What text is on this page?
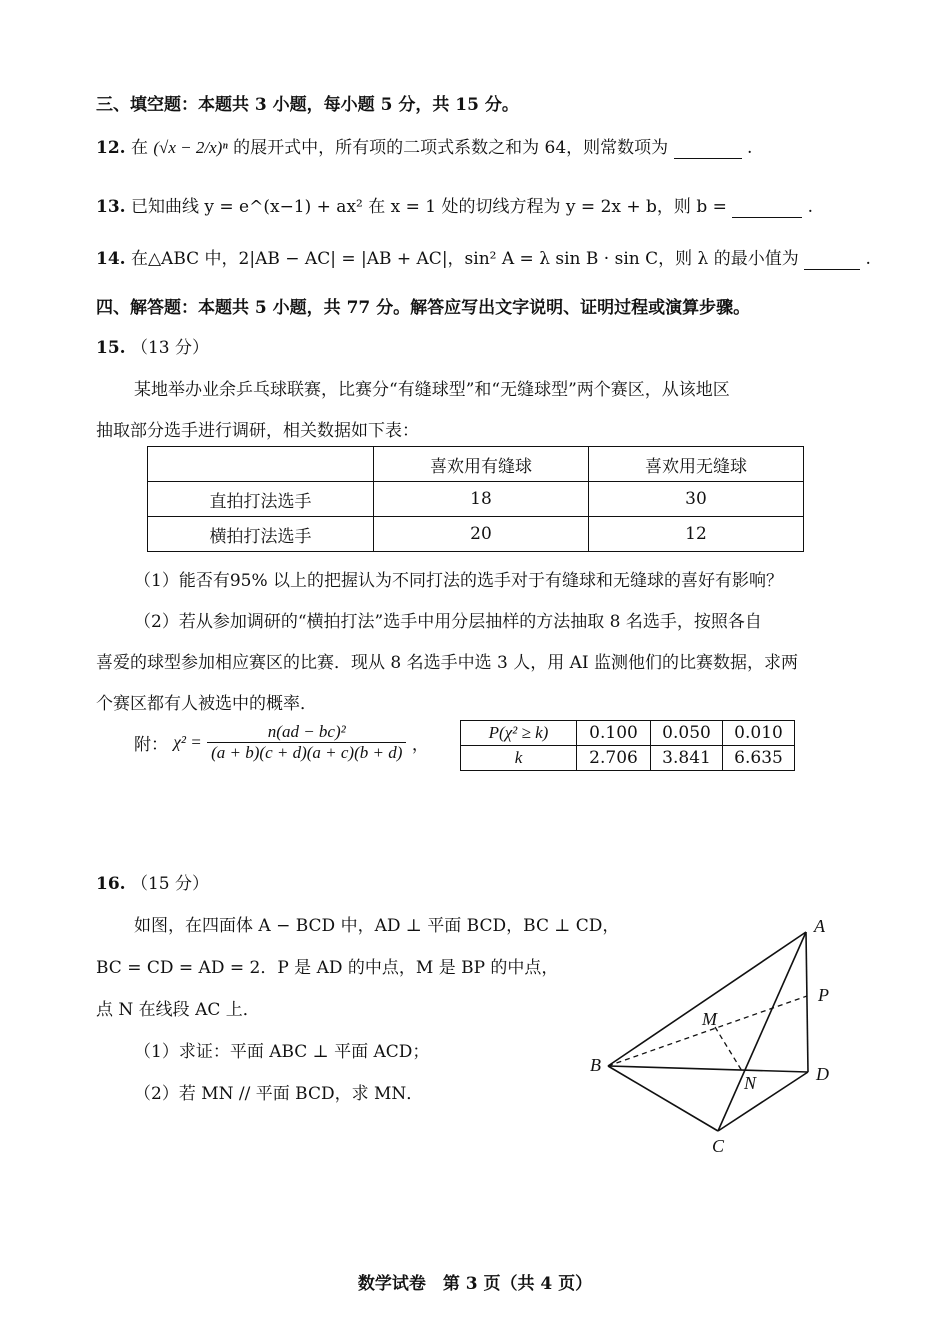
三、填空题：本题共 3 小题，每小题 5 分，共 15 分。
12. 在 (√x − 2/x)ⁿ 的展开式中，所有项的二项式系数之和为 64，则常数项为	.
13. 已知曲线 y = e^(x−1) + ax² 在 x = 1 处的切线方程为 y = 2x + b，则 b =	.
14. 在△ABC 中，2|AB − AC| = |AB + AC|，sin² A = λ sin B · sin C，则 λ 的最小值为	.
四、解答题：本题共 5 小题，共 77 分。解答应写出文字说明、证明过程或演算步骤。
15. （13 分）
某地举办业余乒乓球联赛，比赛分“有缝球型”和“无缝球型”两个赛区，从该地区
抽取部分选手进行调研，相关数据如下表：
	喜欢用有缝球	喜欢用无缝球
直拍打法选手	18	30
横拍打法选手	20	12
（1）能否有95% 以上的把握认为不同打法的选手对于有缝球和无缝球的喜好有影响？
（2）若从参加调研的“横拍打法”选手中用分层抽样的方法抽取 8 名选手，按照各自
喜爱的球型参加相应赛区的比赛．现从 8 名选手中选 3 人，用 AI 监测他们的比赛数据，求两
个赛区都有人被选中的概率．
附： $\chi^2 = \frac{\text{n(ad − bc)²}}{(a + b)(c + d)(a + c)(b + d)}$ ，
P(χ² ≥ k)	0.100	0.050	0.010
k	2.706	3.841	6.635
16. （15 分）
如图，在四面体 A − BCD 中，AD ⊥ 平面 BCD，BC ⊥ CD，
BC = CD = AD = 2．P 是 AD 的中点，M 是 BP 的中点，
点 N 在线段 AC 上．
（1）求证：平面 ABC ⊥ 平面 ACD；
（2）若 MN // 平面 BCD，求 MN．
A
B
C
D
P
M
N
数学试卷　第 3 页（共 4 页）
